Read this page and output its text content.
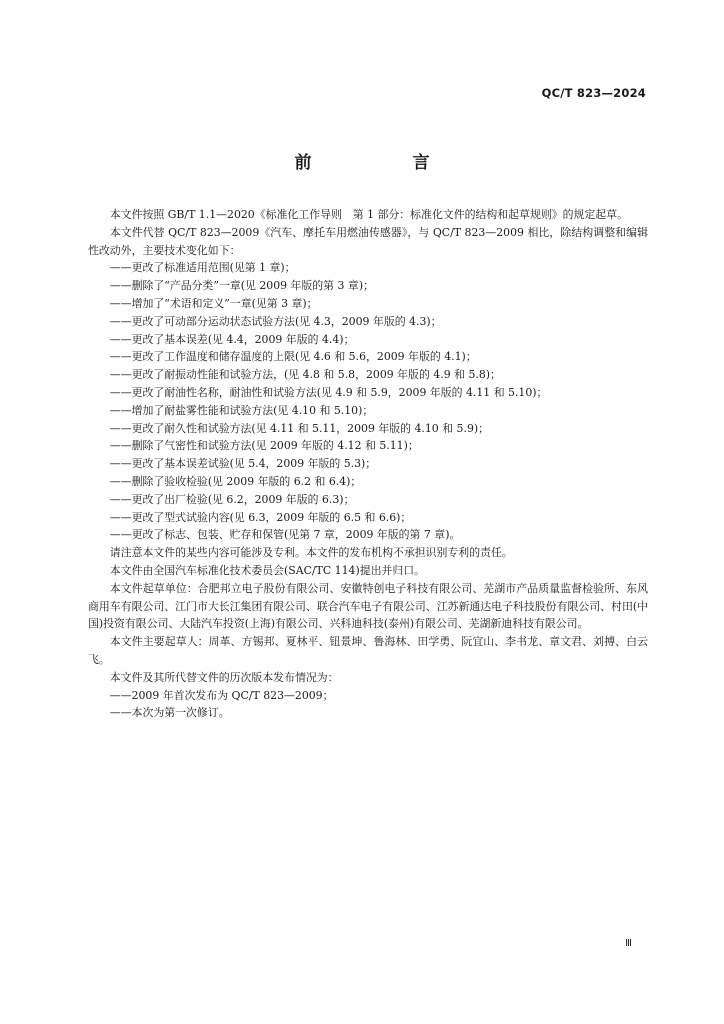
QC/T 823—2024
前　言

本文件按照 GB/T 1.1—2020《标准化工作导则　第 1 部分：标准化文件的结构和起草规则》的规定起草。

本文件代替 QC/T 823—2009《汽车、摩托车用燃油传感器》，与 QC/T 823—2009 相比，除结构调整和编辑性改动外，主要技术变化如下：

——更改了标准适用范围(见第 1 章)；
——删除了“产品分类”一章(见 2009 年版的第 3 章)；
——增加了“术语和定义”一章(见第 3 章)；
——更改了可动部分运动状态试验方法(见 4.3，2009 年版的 4.3)；
——更改了基本误差(见 4.4，2009 年版的 4.4)；
——更改了工作温度和储存温度的上限(见 4.6 和 5.6，2009 年版的 4.1)；
——更改了耐振动性能和试验方法，(见 4.8 和 5.8，2009 年版的 4.9 和 5.8)；
——更改了耐油性名称，耐油性和试验方法(见 4.9 和 5.9，2009 年版的 4.11 和 5.10)；
——增加了耐盐雾性能和试验方法(见 4.10 和 5.10)；
——更改了耐久性和试验方法(见 4.11 和 5.11，2009 年版的 4.10 和 5.9)；
——删除了气密性和试验方法(见 2009 年版的 4.12 和 5.11)；
——更改了基本误差试验(见 5.4，2009 年版的 5.3)；
——删除了验收检验(见 2009 年版的 6.2 和 6.4)；
——更改了出厂检验(见 6.2，2009 年版的 6.3)；
——更改了型式试验内容(见 6.3，2009 年版的 6.5 和 6.6)；
——更改了标志、包装、贮存和保管(见第 7 章，2009 年版的第 7 章)。

请注意本文件的某些内容可能涉及专利。本文件的发布机构不承担识别专利的责任。

本文件由全国汽车标准化技术委员会(SAC/TC 114)提出并归口。

本文件起草单位：合肥邦立电子股份有限公司、安徽特创电子科技有限公司、芜湖市产品质量监督检验所、东风商用车有限公司、江门市大长江集团有限公司、联合汽车电子有限公司、江苏新通达电子科技股份有限公司、村田(中国)投资有限公司、大陆汽车投资(上海)有限公司、兴科迪科技(泰州)有限公司、芜湖新迪科技有限公司。

本文件主要起草人：周革、方锡邦、夏林平、钮景坤、鲁海林、田学勇、阮宜山、李书龙、章文君、刘搏、白云飞。

本文件及其所代替文件的历次版本发布情况为：

——2009 年首次发布为 QC/T 823—2009；
——本次为第一次修订。
Ⅲ
